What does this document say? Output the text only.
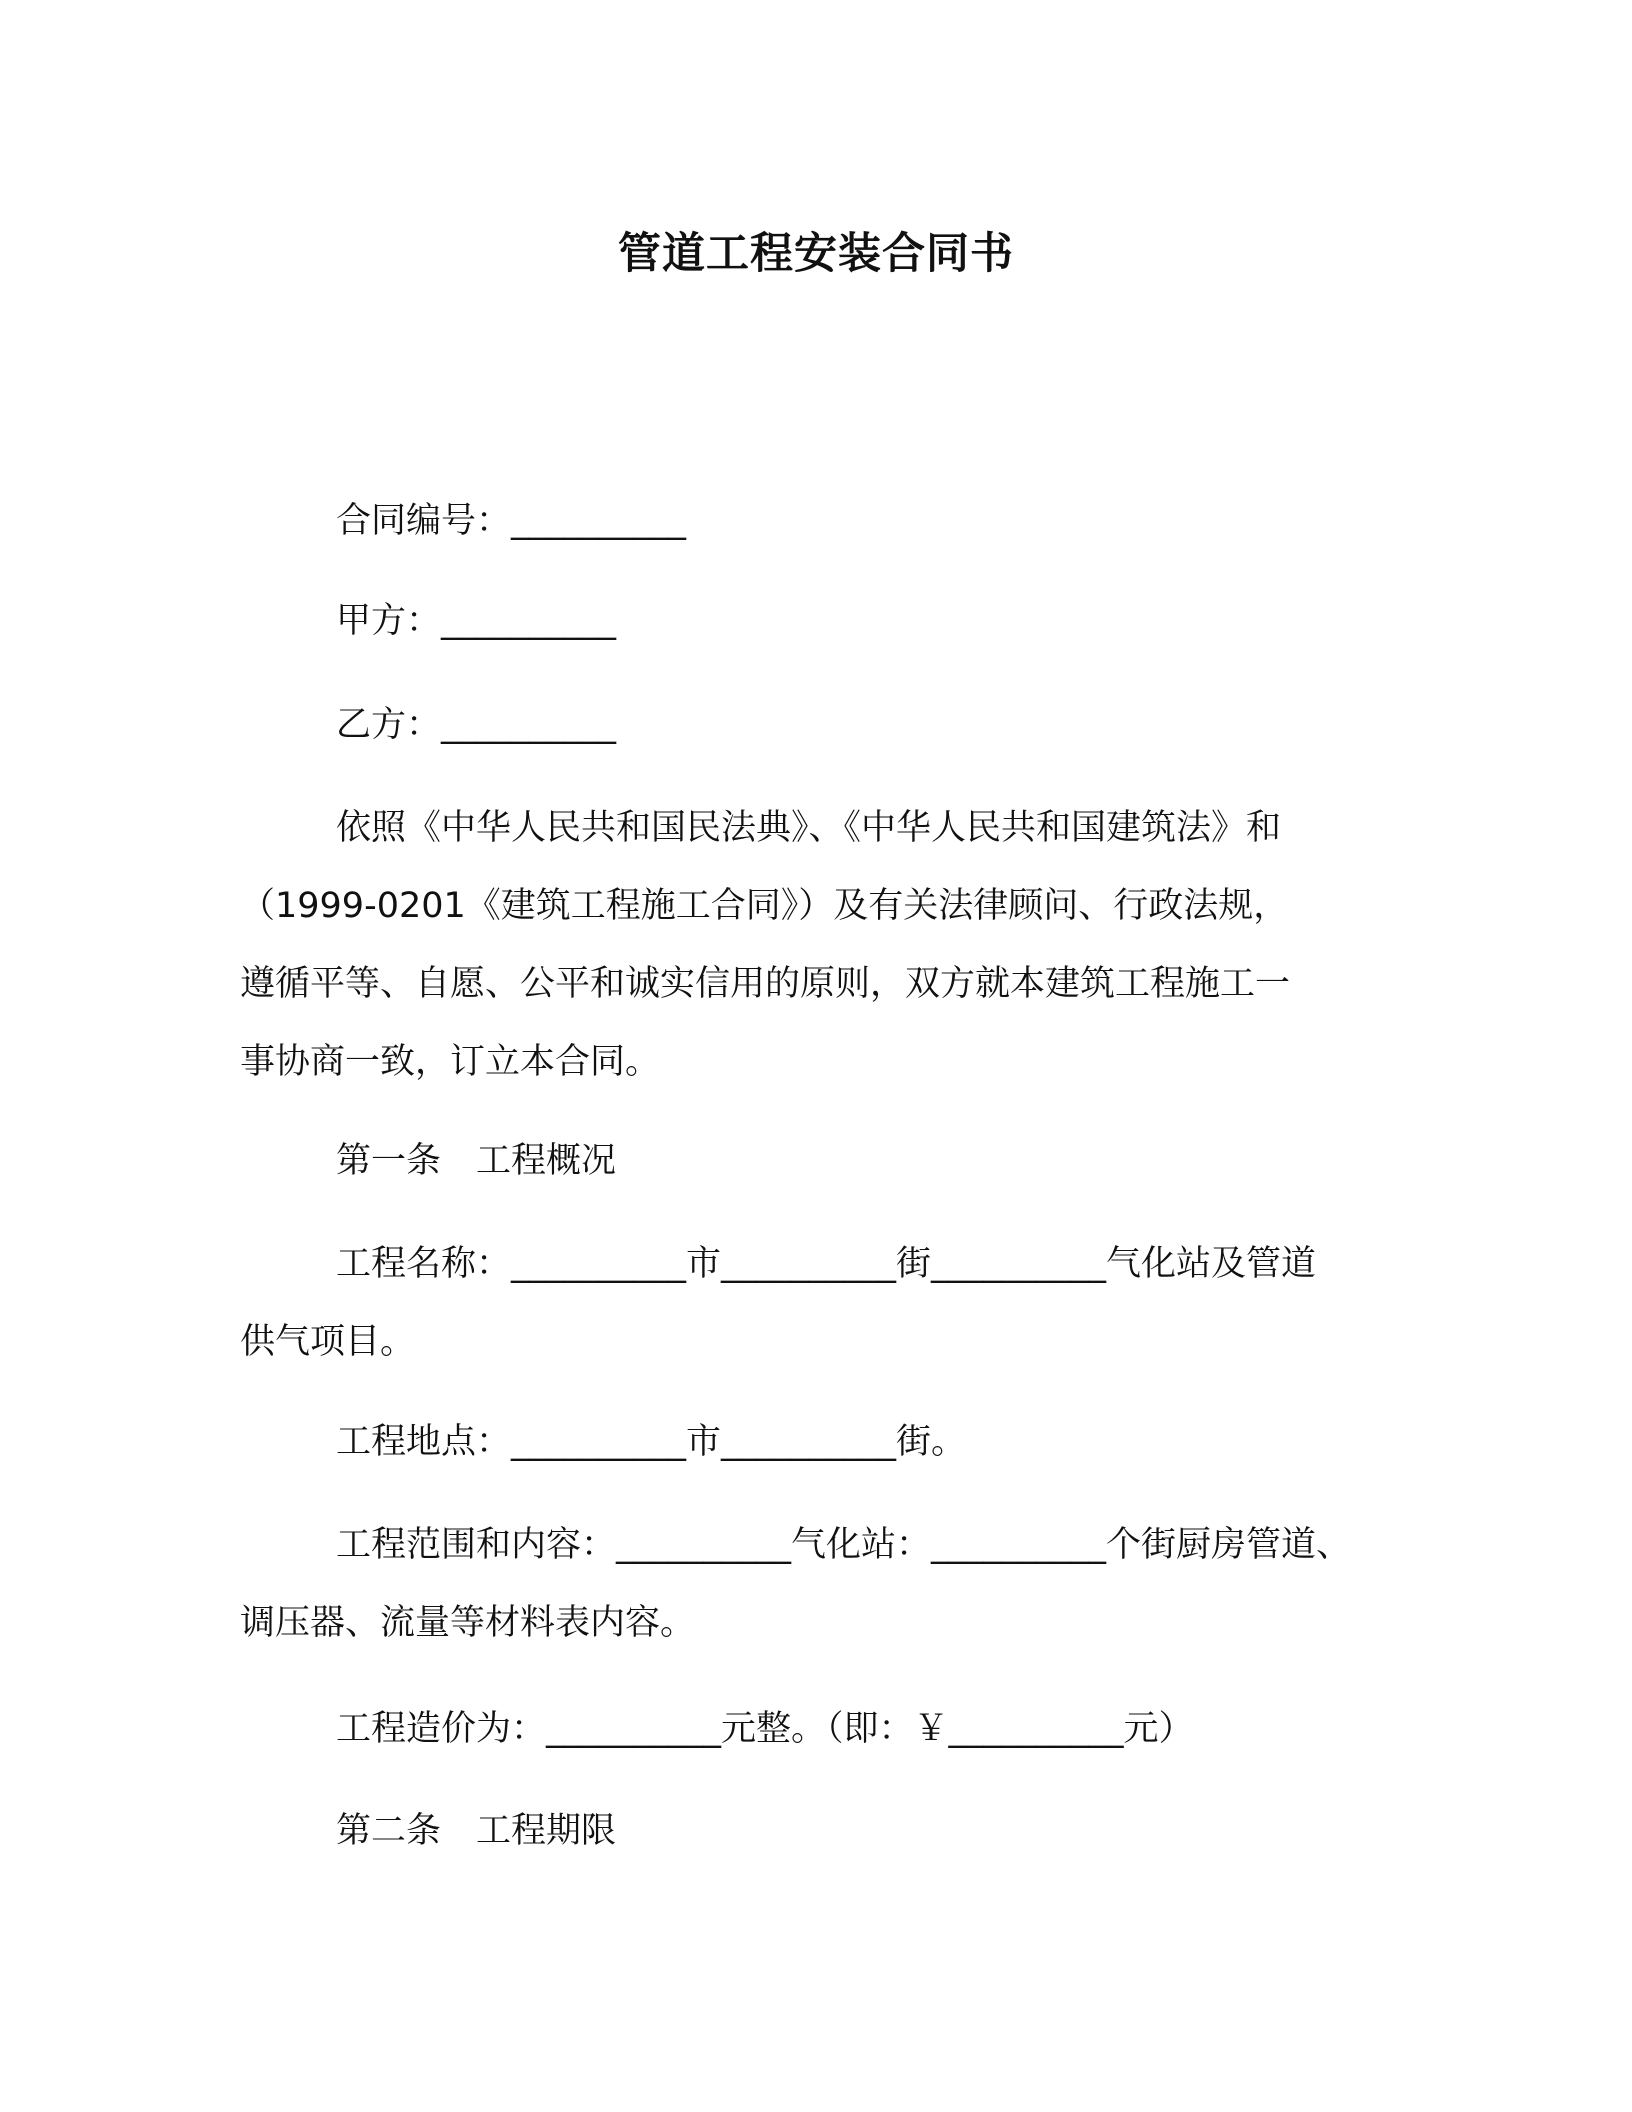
管道工程安装合同书

合同编号：__________

甲方：__________

乙方：__________

依照《中华人民共和国民法典》、《中华人民共和国建筑法》和
（1999-0201《建筑工程施工合同》）及有关法律顾问、行政法规，
遵循平等、自愿、公平和诚实信用的原则，双方就本建筑工程施工一
事协商一致，订立本合同。

第一条　工程概况

工程名称：__________市__________街__________气化站及管道
供气项目。

工程地点：__________市__________街。

工程范围和内容：__________气化站：__________个街厨房管道、
调压器、流量等材料表内容。

工程造价为：__________元整。（即：￥__________元）

第二条　工程期限
